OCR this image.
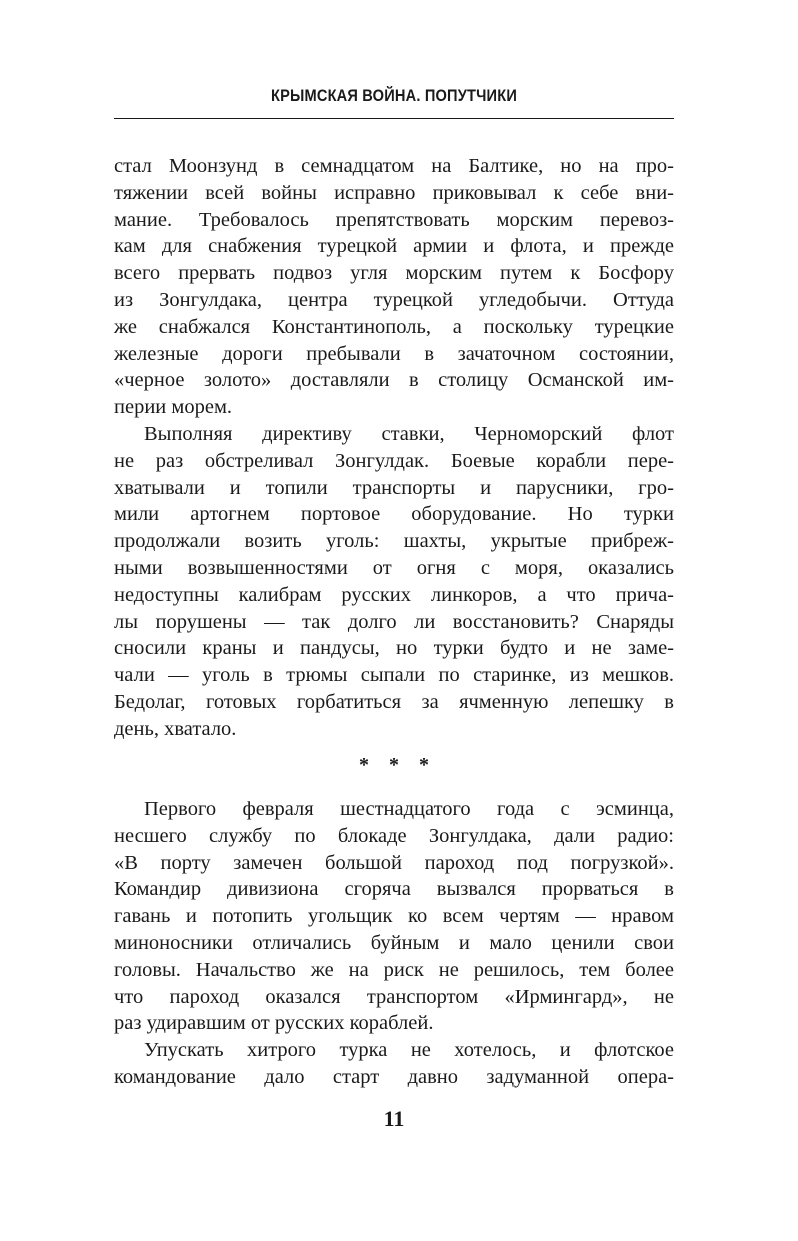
КРЫМСКАЯ ВОЙНА. ПОПУТЧИКИ
стал Моонзунд в семнадцатом на Балтике, но на про-
тяжении всей войны исправно приковывал к себе вни-
мание. Требовалось препятствовать морским перевоз-
кам для снабжения турецкой армии и флота, и прежде
всего прервать подвоз угля морским путем к Босфору
из Зонгулдака, центра турецкой угледобычи. Оттуда
же снабжался Константинополь, а поскольку турецкие
железные дороги пребывали в зачаточном состоянии,
«черное золото» доставляли в столицу Османской им-
перии морем.
Выполняя директиву ставки, Черноморский флот
не раз обстреливал Зонгулдак. Боевые корабли пере-
хватывали и топили транспорты и парусники, гро-
мили артогнем портовое оборудование. Но турки
продолжали возить уголь: шахты, укрытые прибреж-
ными возвышенностями от огня с моря, оказались
недоступны калибрам русских линкоров, а что прича-
лы порушены — так долго ли восстановить? Снаряды
сносили краны и пандусы, но турки будто и не заме-
чали — уголь в трюмы сыпали по старинке, из мешков.
Бедолаг, готовых горбатиться за ячменную лепешку в
день, хватало.
* * *
Первого февраля шестнадцатого года с эсминца,
несшего службу по блокаде Зонгулдака, дали радио:
«В порту замечен большой пароход под погрузкой».
Командир дивизиона сгоряча вызвался прорваться в
гавань и потопить угольщик ко всем чертям — нравом
миноносники отличались буйным и мало ценили свои
головы. Начальство же на риск не решилось, тем более
что пароход оказался транспортом «Ирмингард», не
раз удиравшим от русских кораблей.
Упускать хитрого турка не хотелось, и флотское
командование дало старт давно задуманной опера-
11
